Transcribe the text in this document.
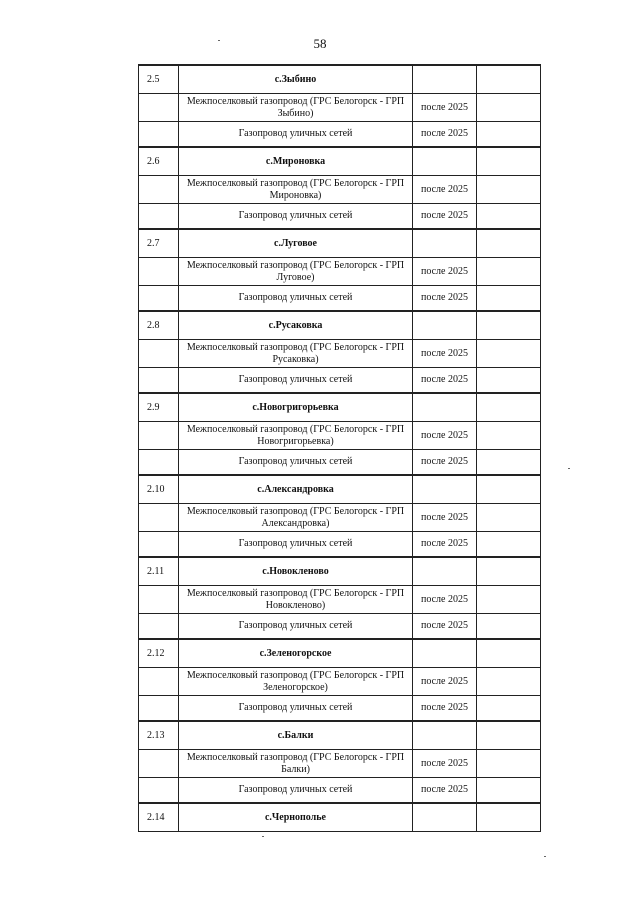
58
2.5	с.Зыбино		
	Межпоселковый газопровод (ГРС Белогорск - ГРП Зыбино)	после 2025	
	Газопровод уличных сетей	после 2025	
2.6	с.Мироновка		
	Межпоселковый газопровод (ГРС Белогорск - ГРП Мироновка)	после 2025	
	Газопровод уличных сетей	после 2025	
2.7	с.Луговое		
	Межпоселковый газопровод (ГРС Белогорск - ГРП Луговое)	после 2025	
	Газопровод уличных сетей	после 2025	
2.8	с.Русаковка		
	Межпоселковый газопровод (ГРС Белогорск - ГРП Русаковка)	после 2025	
	Газопровод уличных сетей	после 2025	
2.9	с.Новогригорьевка		
	Межпоселковый газопровод (ГРС Белогорск - ГРП Новогригорьевка)	после 2025	
	Газопровод уличных сетей	после 2025	
2.10	с.Александровка		
	Межпоселковый газопровод (ГРС Белогорск - ГРП Александровка)	после 2025	
	Газопровод уличных сетей	после 2025	
2.11	с.Новокленово		
	Межпоселковый газопровод (ГРС Белогорск - ГРП Новокленово)	после 2025	
	Газопровод уличных сетей	после 2025	
2.12	с.Зеленогорское		
	Межпоселковый газопровод (ГРС Белогорск - ГРП Зеленогорское)	после 2025	
	Газопровод уличных сетей	после 2025	
2.13	с.Балки		
	Межпоселковый газопровод (ГРС Белогорск - ГРП Балки)	после 2025	
	Газопровод уличных сетей	после 2025	
2.14	с.Чернополье		
